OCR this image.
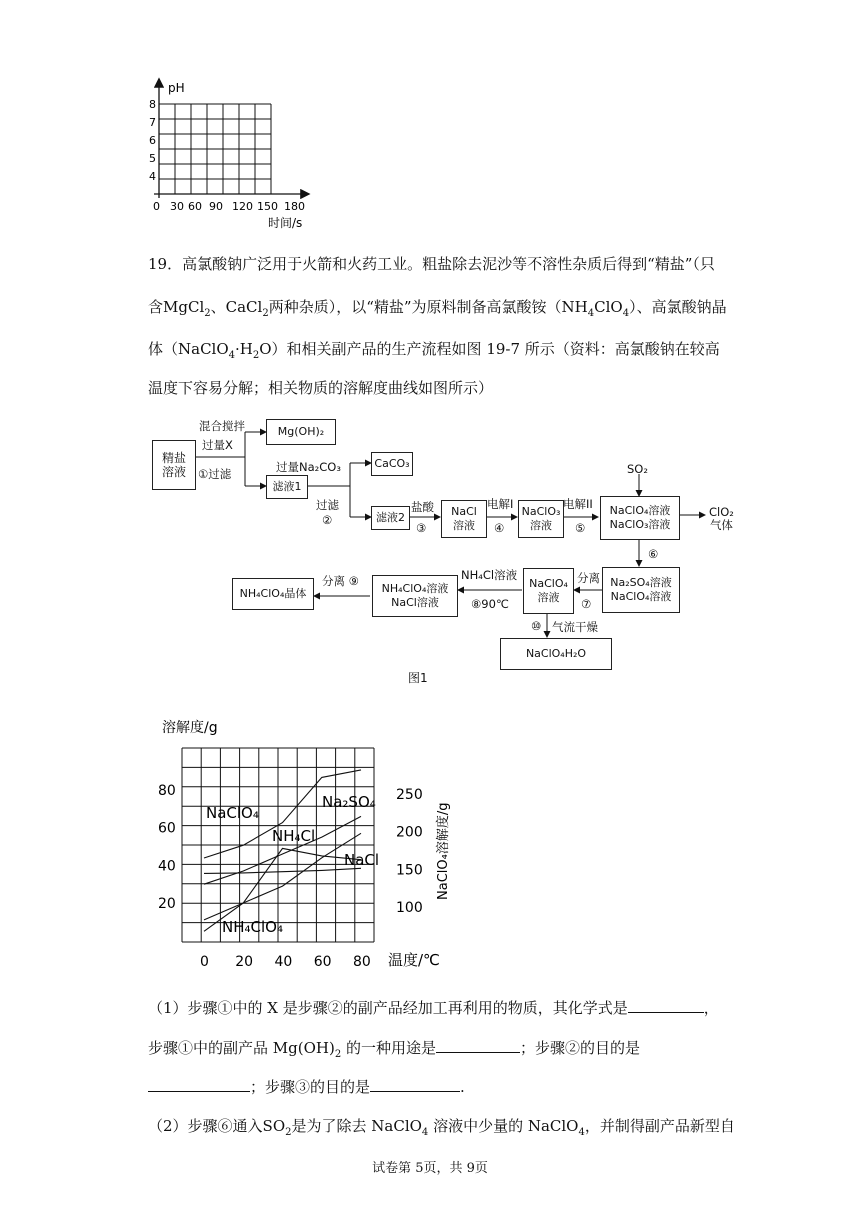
pH
8
7
6
5
4
0 30 60 90 120 150 180
时间/s
19．高氯酸钠广泛用于火箭和火药工业。粗盐除去泥沙等不溶性杂质后得到“精盐”（只
含MgCl$_2$、CaCl$_2$两种杂质），以“精盐”为原料制备高氯酸铵$(NH_4ClO_4)$、高氯酸钠晶
体$(NaClO_4\cdot H_2O)$和相关副产品的生产流程如图 19-7 所示（资料：高氯酸钠在较高
温度下容易分解；相关物质的溶解度曲线如图所示）
精盐
溶液
混合搅拌
过量X
①过滤
Mg(OH)₂
过量Na₂CO₃
滤液1
CaCO₃
过滤
②	滤液2
盐酸
③
NaCl
溶液
电解I
④
NaClO₃
溶液
电解II
⑤
SO₂
NaClO₄溶液
NaClO₃溶液
ClO₂
气体
⑥
Na₂SO₄溶液
NaClO₄溶液
分离
⑦
NaClO₄
溶液
NH₄Cl溶液
⑧90℃
NH₄ClO₄溶液
NaCl溶液
分离 ⑨
NH₄ClO₄晶体
⑩ 气流干燥
NaClO₄H₂O
图1
溶解度/g
80
60
40
20
250
200
150
100
0 20 40 60 80
NaClO₄溶解度/g
温度/℃
NaClO₄
Na₂SO₄
NH₄Cl
NaCl
NH₄ClO₄
（1）步骤①中的 X 是步骤②的副产品经加工再利用的物质，其化学式是	，
步骤①中的副产品 $Mg(OH)_2$ 的一种用途是	；步骤②的目的是
；步骤③的目的是	.
（2）步骤⑥通入$SO_2$是为了除去 NaClO$_4$ 溶液中少量的 NaClO$_4$，并制得副产品新型自
试卷第 5页，共 9页
